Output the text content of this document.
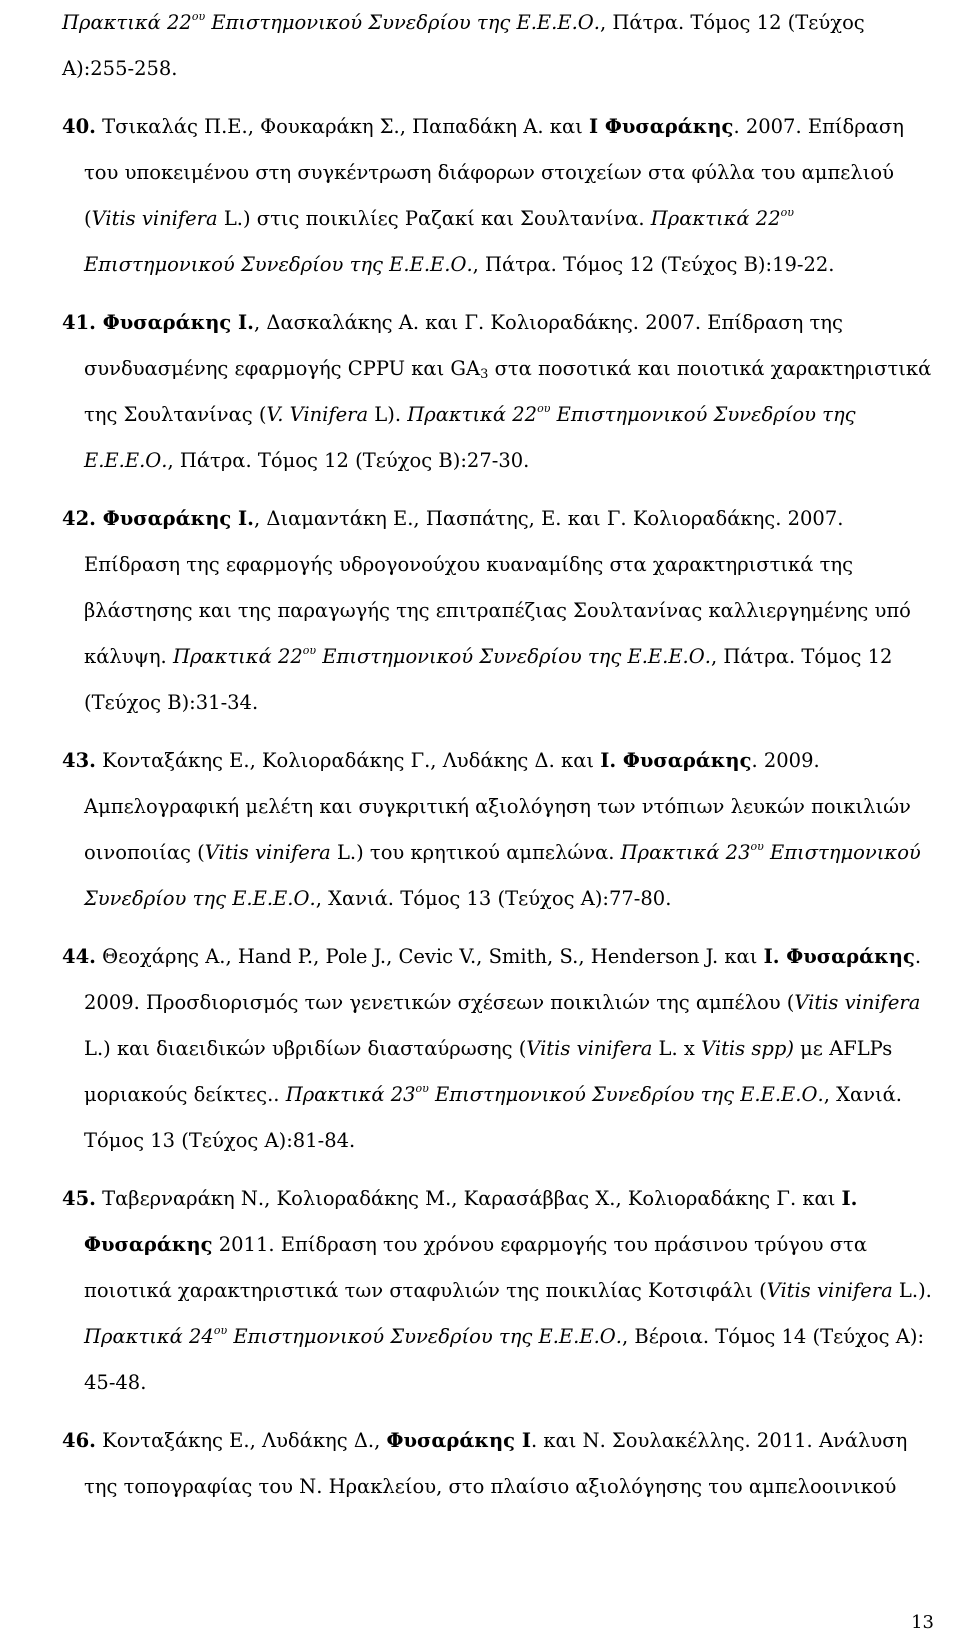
Πρακτικά $22^{o\upsilon}$ Επιστημονικού Συνεδρίου της Ε.Ε.Ε.Ο., Πάτρα. Τόμος 12 (Τεύχος
Α):255-258.

40. Τσικαλάς Π.Ε., Φουκαράκη Σ., Παπαδάκη Α. και Ι Φυσαράκης. 2007. Επίδραση του υποκειμένου στη συγκέντρωση διάφορων στοιχείων στα φύλλα του αμπελιού (Vitis vinifera L.) στις ποικιλίες Ραζακί και Σουλτανίνα. Πρακτικά $22^{o\upsilon}$ Επιστημονικού Συνεδρίου της Ε.Ε.Ε.Ο., Πάτρα. Τόμος 12 (Τεύχος Β):19-22.

41. Φυσαράκης Ι., Δασκαλάκης Α. και Γ. Κολιοραδάκης. 2007. Επίδραση της συνδυασμένης εφαρμογής CPPU και $GA_3$ στα ποσοτικά και ποιοτικά χαρακτηριστικά της Σουλτανίνας (V. Vinifera L). Πρακτικά $22^{o\upsilon}$ Επιστημονικού Συνεδρίου της Ε.Ε.Ε.Ο., Πάτρα. Τόμος 12 (Τεύχος Β):27-30.

42. Φυσαράκης Ι., Διαμαντάκη Ε., Πασπάτης, Ε. και Γ. Κολιοραδάκης. 2007.
Επίδραση της εφαρμογής υδρογονούχου κυαναμίδης στα χαρακτηριστικά της βλάστησης και της παραγωγής της επιτραπέζιας Σουλτανίνας καλλιεργημένης υπό κάλυψη. Πρακτικά $22^{o\upsilon}$ Επιστημονικού Συνεδρίου της Ε.Ε.Ε.Ο., Πάτρα. Τόμος 12 (Τεύχος Β):31-34.

43. Κονταξάκης Ε., Κολιοραδάκης Γ., Λυδάκης Δ. και Ι. Φυσαράκης. 2009. Αμπελογραφική μελέτη και συγκριτική αξιολόγηση των ντόπιων λευκών ποικιλιών οινοποιίας (Vitis vinifera L.) του κρητικού αμπελώνα. Πρακτικά $23^{o\upsilon}$ Επιστημονικού Συνεδρίου της Ε.Ε.Ε.Ο., Χανιά. Τόμος 13 (Τεύχος Α):77-80.

44. Θεοχάρης Α., Hand P., Pole J., Cevic V., Smith, S., Henderson J. και Ι. Φυσαράκης. 2009. Προσδιορισμός των γενετικών σχέσεων ποικιλιών της αμπέλου (Vitis vinifera L.) και διαειδικών υβριδίων διασταύρωσης (Vitis vinifera L. x Vitis spp) με AFLPs μοριακούς δείκτες.. Πρακτικά $23^{o\upsilon}$ Επιστημονικού Συνεδρίου της Ε.Ε.Ε.Ο., Χανιά. Τόμος 13 (Τεύχος Α):81-84.

45. Ταβερναράκη Ν., Κολιοραδάκης Μ., Καρασάββας Χ., Κολιοραδάκης Γ. και Ι. Φυσαράκης 2011. Επίδραση του χρόνου εφαρμογής του πράσινου τρύγου στα ποιοτικά χαρακτηριστικά των σταφυλιών της ποικιλίας Κοτσιφάλι (Vitis vinifera L.). Πρακτικά $24^{o\upsilon}$ Επιστημονικού Συνεδρίου της Ε.Ε.Ε.Ο., Βέροια. Τόμος 14 (Τεύχος Α): 45-48.

46. Κονταξάκης Ε., Λυδάκης Δ., Φυσαράκης Ι. και Ν. Σουλακέλλης. 2011. Ανάλυση της τοπογραφίας του Ν. Ηρακλείου, στο πλαίσιο αξιολόγησης του αμπελοοινικού

13
